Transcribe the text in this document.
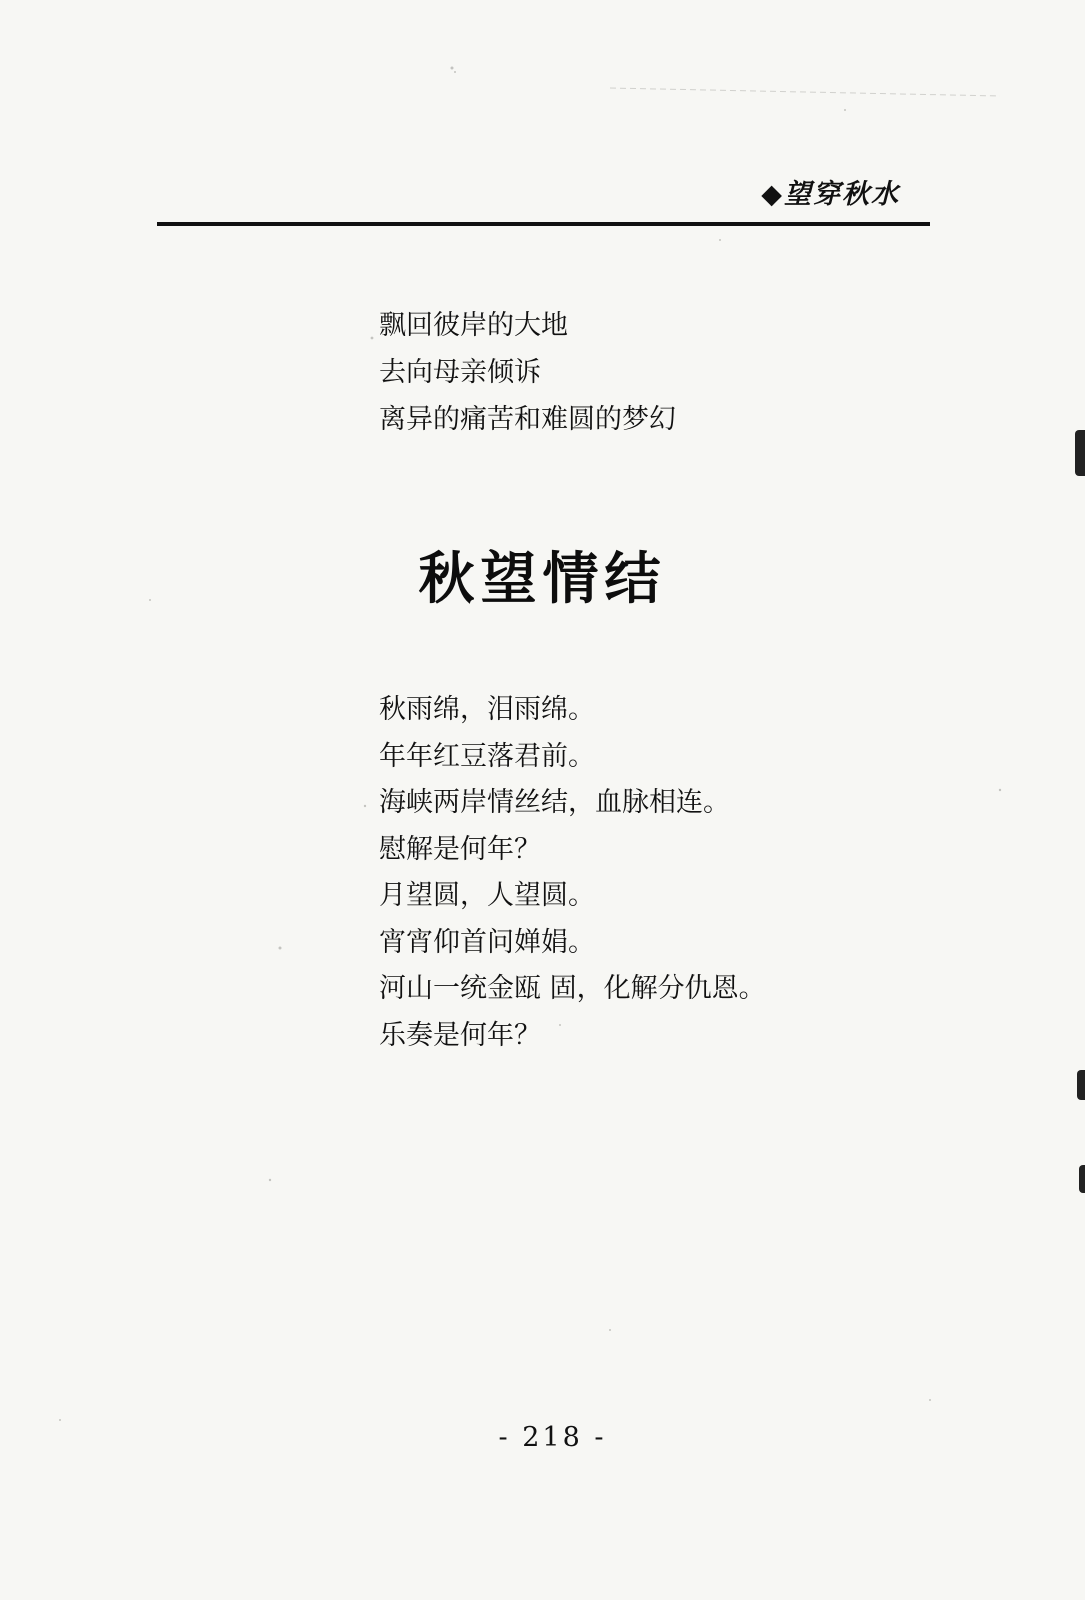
◆望穿秋水
飘回彼岸的大地
去向母亲倾诉
离异的痛苦和难圆的梦幻
秋望情结
秋雨绵，泪雨绵。
年年红豆落君前。
海峡两岸情丝结，血脉相连。
慰解是何年？
月望圆，人望圆。
宵宵仰首问婵娟。
河山一统金瓯 固，化解分仇恩。
乐奏是何年？

- 218 -
